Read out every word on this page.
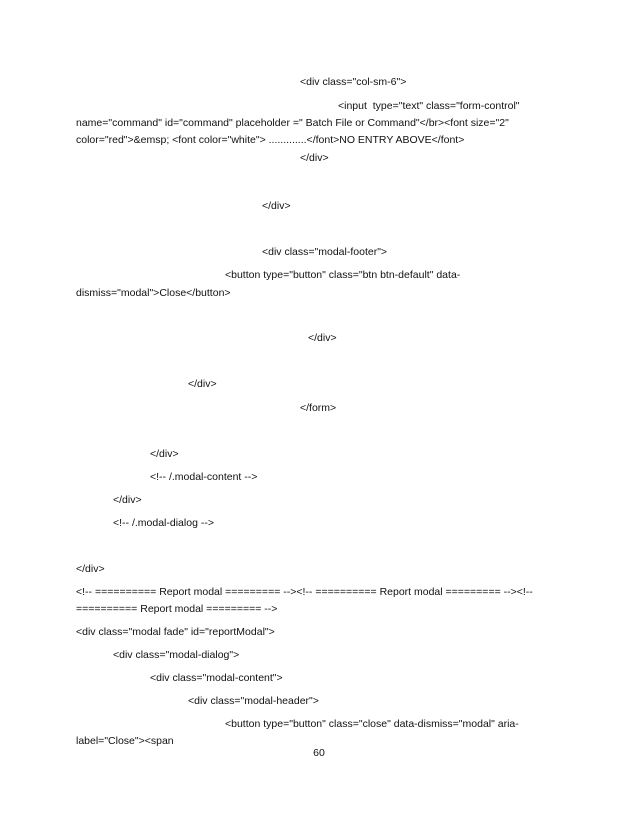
<div class="col-sm-6">
<input  type="text" class="form-control"
name="command" id="command" placeholder =" Batch File or Command"</br><font size="2" color="red">&emsp; <font color="white"> .............</font>NO ENTRY ABOVE</font>
</div>
</div>
<div class="modal-footer">
<button type="button" class="btn btn-default" data-
dismiss="modal">Close</button>
</div>
</div>
</form>
</div>
<!-- /.modal-content -->
</div>
<!-- /.modal-dialog -->
</div>
<!-- ========== Report modal ========= --><!-- ========== Report modal ========= --><!-- ========== Report modal ========= -->
<div class="modal fade" id="reportModal">
<div class="modal-dialog">
<div class="modal-content">
<div class="modal-header">
<button type="button" class="close" data-dismiss="modal" aria-
label="Close"><span
60
